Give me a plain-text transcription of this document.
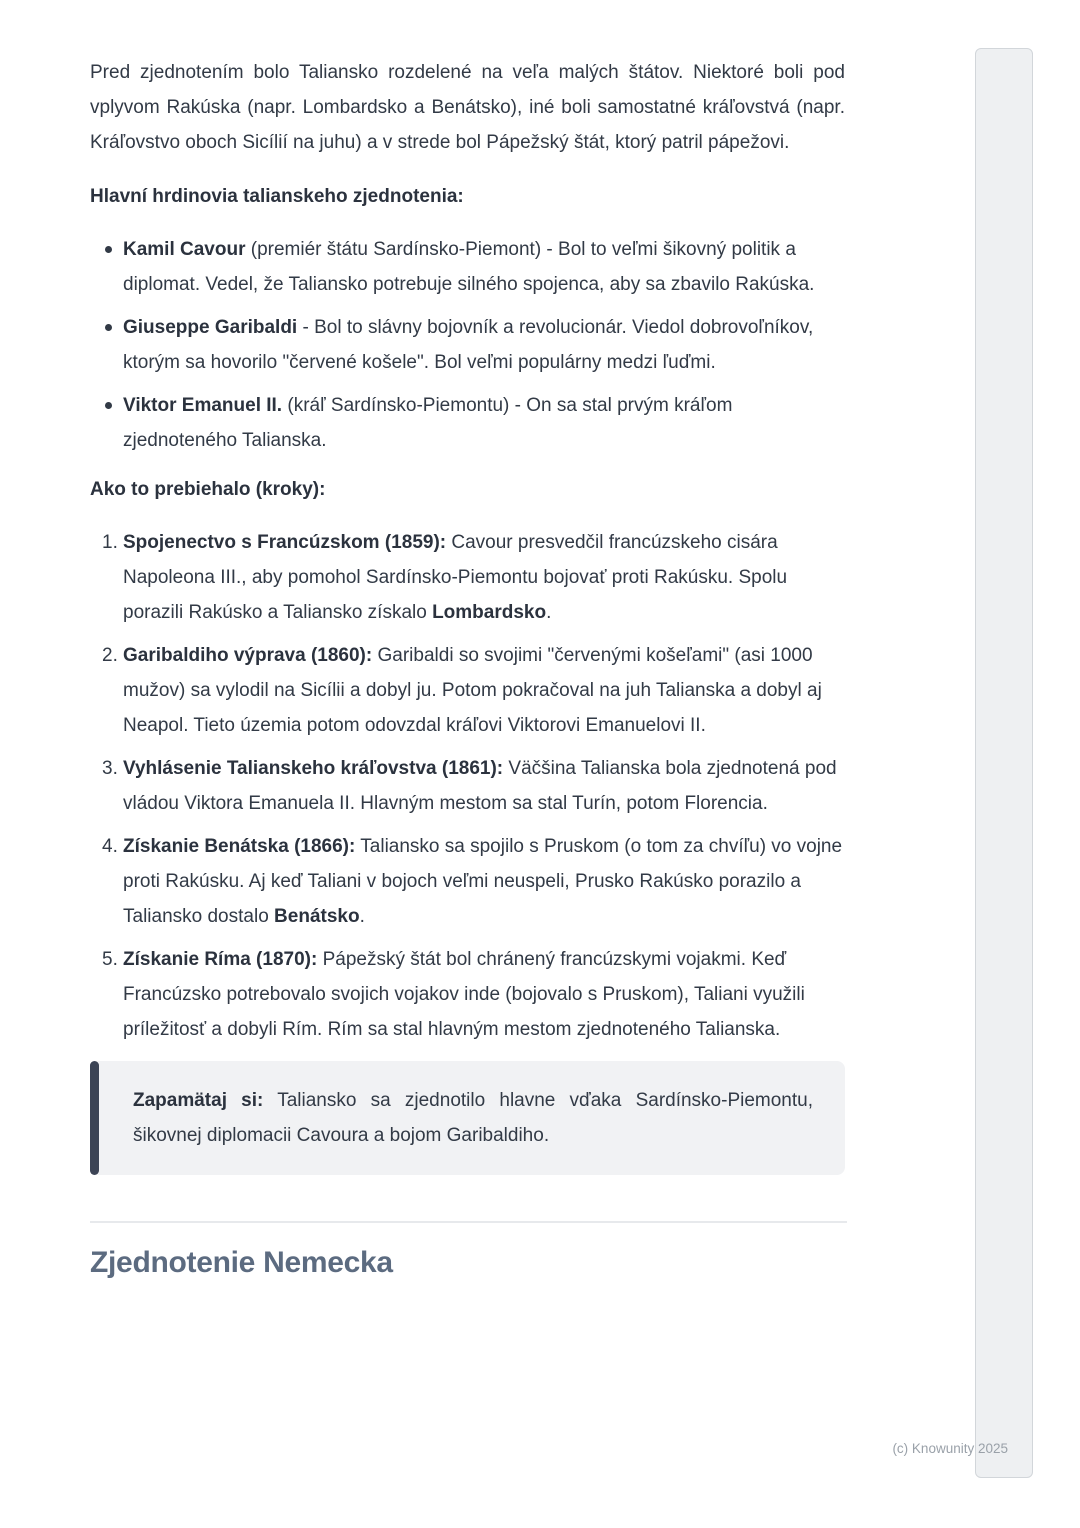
Pred zjednotením bolo Taliansko rozdelené na veľa malých štátov. Niektoré boli pod vplyvom Rakúska (napr. Lombardsko a Benátsko), iné boli samostatné kráľovstvá (napr. Kráľovstvo oboch Sicílií na juhu) a v strede bol Pápežský štát, ktorý patril pápežovi.

Hlavní hrdinovia talianskeho zjednotenia:
Kamil Cavour (premiér štátu Sardínsko-Piemont) - Bol to veľmi šikovný politik a diplomat. Vedel, že Taliansko potrebuje silného spojenca, aby sa zbavilo Rakúska.
Giuseppe Garibaldi - Bol to slávny bojovník a revolucionár. Viedol dobrovoľníkov, ktorým sa hovorilo "červené košele". Bol veľmi populárny medzi ľuďmi.
Viktor Emanuel II. (kráľ Sardínsko-Piemontu) - On sa stal prvým kráľom zjednoteného Talianska.
Ako to prebiehalo (kroky):
1. Spojenectvo s Francúzskom (1859): Cavour presvedčil francúzskeho cisára Napoleona III., aby pomohol Sardínsko-Piemontu bojovať proti Rakúsku. Spolu porazili Rakúsko a Taliansko získalo Lombardsko.
2. Garibaldiho výprava (1860): Garibaldi so svojimi "červenými košeľami" (asi 1000 mužov) sa vylodil na Sicílii a dobyl ju. Potom pokračoval na juh Talianska a dobyl aj Neapol. Tieto územia potom odovzdal kráľovi Viktorovi Emanuelovi II.
3. Vyhlásenie Talianskeho kráľovstva (1861): Väčšina Talianska bola zjednotená pod vládou Viktora Emanuela II. Hlavným mestom sa stal Turín, potom Florencia.
4. Získanie Benátska (1866): Taliansko sa spojilo s Pruskom (o tom za chvíľu) vo vojne proti Rakúsku. Aj keď Taliani v bojoch veľmi neuspeli, Prusko Rakúsko porazilo a Taliansko dostalo Benátsko.
5. Získanie Ríma (1870): Pápežský štát bol chránený francúzskymi vojakmi. Keď Francúzsko potrebovalo svojich vojakov inde (bojovalo s Pruskom), Taliani využili príležitosť a dobyli Rím. Rím sa stal hlavným mestom zjednoteného Talianska.

Zapamätaj si: Taliansko sa zjednotilo hlavne vďaka Sardínsko-Piemontu, šikovnej diplomacii Cavoura a bojom Garibaldiho.

Zjednotenie Nemecka
(c) Knowunity 2025
